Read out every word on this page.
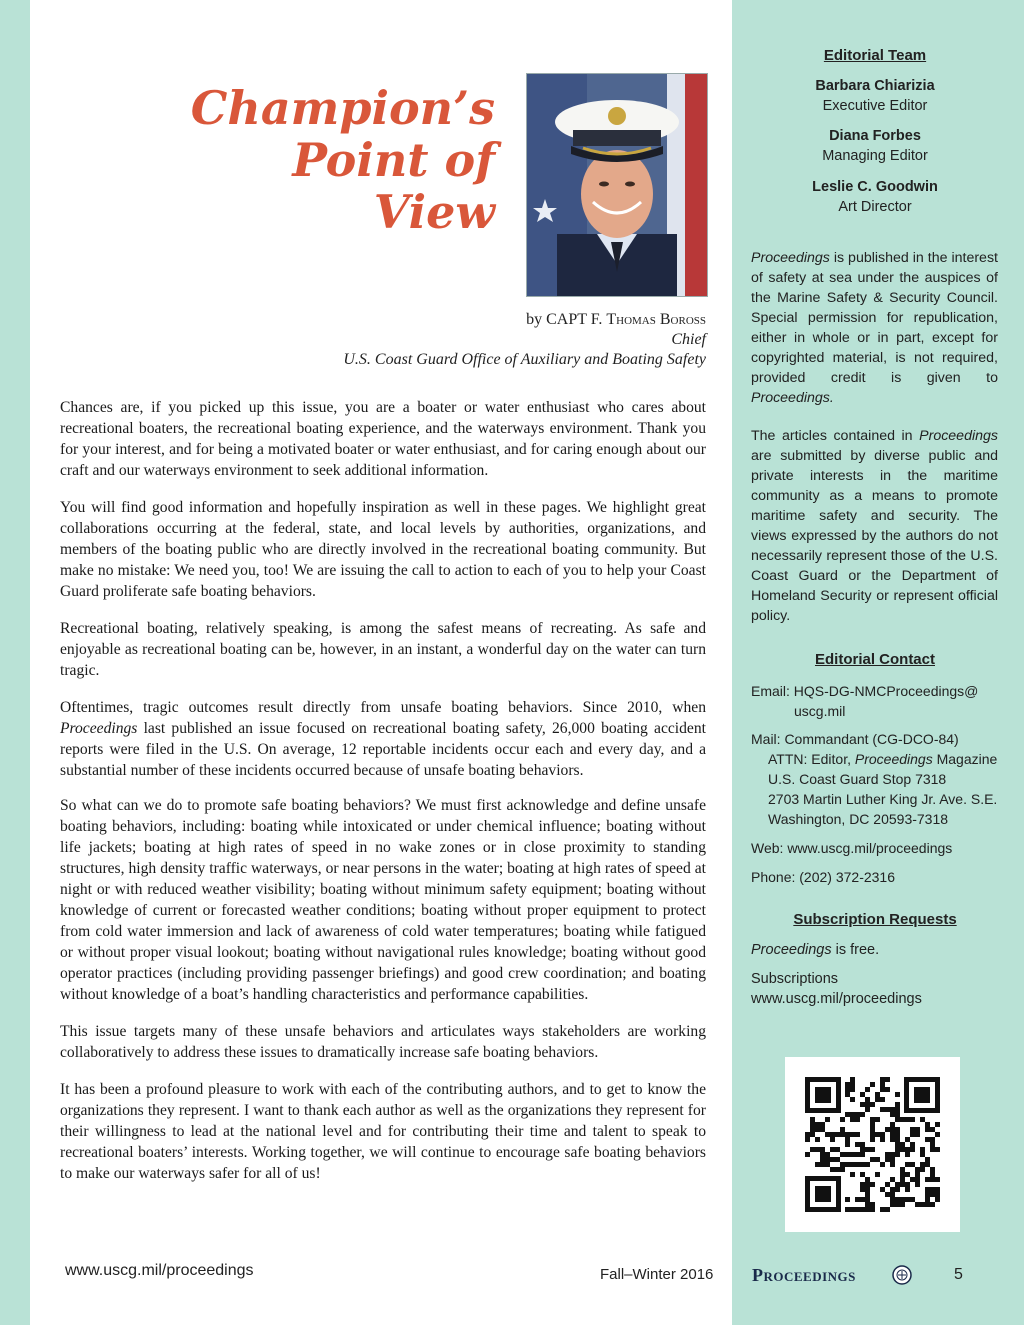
Champion’s
Point of
View
by CAPT F. Thomas Boross
Chief
U.S. Coast Guard Office of Auxiliary and Boating Safety

Chances are, if you picked up this issue, you are a boater or water enthusiast who cares about recreational boaters, the recreational boating experience, and the waterways environment. Thank you for your interest, and for being a motivated boater or water enthusiast, and for caring enough about our craft and our waterways environment to seek additional information.

You will find good information and hopefully inspiration as well in these pages. We highlight great collaborations occurring at the federal, state, and local levels by authorities, organizations, and members of the boating public who are directly involved in the recreational boating community. But make no mistake: We need you, too! We are issuing the call to action to each of you to help your Coast Guard proliferate safe boating behaviors.

Recreational boating, relatively speaking, is among the safest means of recreating. As safe and enjoyable as recreational boating can be, however, in an instant, a wonderful day on the water can turn tragic.

Oftentimes, tragic outcomes result directly from unsafe boating behaviors. Since 2010, when Proceedings last published an issue focused on recreational boating safety, 26,000 boating accident reports were filed in the U.S. On average, 12 reportable incidents occur each and every day, and a substantial number of these incidents occurred because of unsafe boating behaviors.

So what can we do to promote safe boating behaviors? We must first acknowledge and define unsafe boating behaviors, including: boating while intoxicated or under chemical influence; boating without life jackets; boating at high rates of speed in no wake zones or in close proximity to standing structures, high density traffic waterways, or near persons in the water; boating at high rates of speed at night or with reduced weather visibility; boating without minimum safety equipment; boating without knowledge of current or forecasted weather conditions; boating without proper equipment to protect from cold water immersion and lack of awareness of cold water temperatures; boating while fatigued or without proper visual lookout; boating without navigational rules knowledge; boating without good operator practices (including providing passenger briefings) and good crew coordination; and boating without knowledge of a boat’s handling characteristics and performance capabilities.

This issue targets many of these unsafe behaviors and articulates ways stakeholders are working collaboratively to address these issues to dramatically increase safe boating behaviors.

It has been a profound pleasure to work with each of the contributing authors, and to get to know the organizations they represent. I want to thank each author as well as the organizations they represent for their willingness to lead at the national level and for contributing their time and talent to speak to recreational boaters’ interests. Working together, we will continue to encourage safe boating behaviors to make our waterways safer for all of us!

www.uscg.mil/proceedings	Fall–Winter 2016 Proceedings	5
Editorial Team
Barbara Chiarizia
Executive Editor
Diana Forbes
Managing Editor
Leslie C. Goodwin
Art Director
Proceedings is published in the interest of safety at sea under the auspices of the Marine Safety & Security Council. Special permission for republication, either in whole or in part, except for copyrighted material, is not required, provided credit is given to Proceedings.
The articles contained in Proceedings are submitted by diverse public and private interests in the maritime community as a means to promote maritime safety and security. The views expressed by the authors do not necessarily represent those of the U.S. Coast Guard or the Department of Homeland Security or represent official policy.
Editorial Contact
Email: HQS-DG-NMCProceedings@
uscg.mil
Mail: Commandant (CG-DCO-84)
ATTN: Editor, Proceedings Magazine
U.S. Coast Guard Stop 7318
2703 Martin Luther King Jr. Ave. S.E.
Washington, DC 20593-7318
Web: www.uscg.mil/proceedings
Phone: (202) 372-2316
Subscription Requests
Proceedings is free.
Subscriptions
www.uscg.mil/proceedings
